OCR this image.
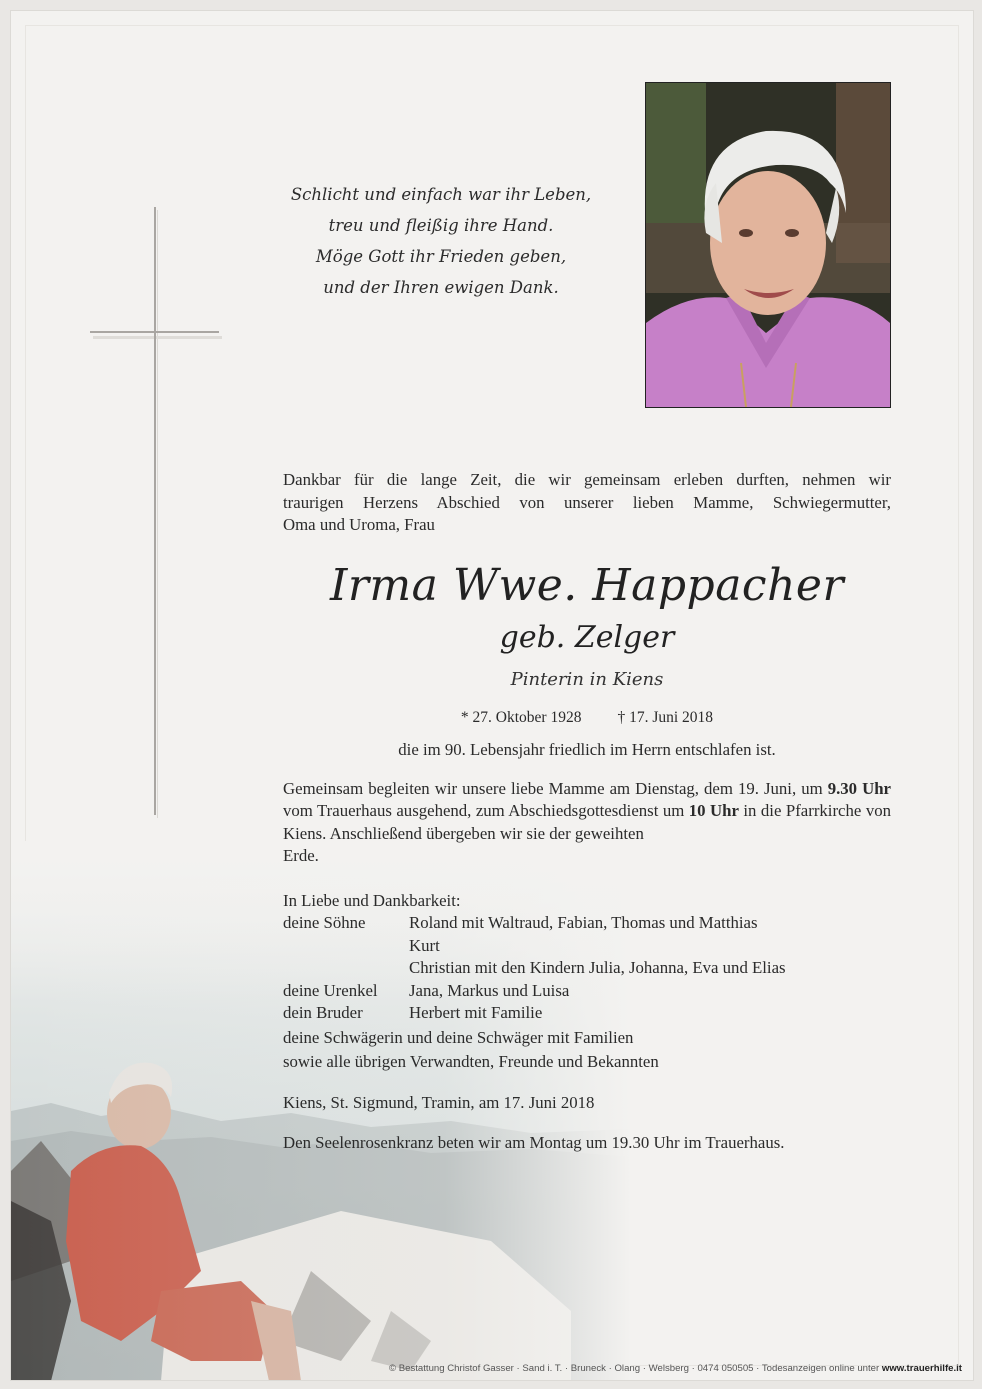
Schlicht und einfach war ihr Leben,
treu und fleißig ihre Hand.
Möge Gott ihr Frieden geben,
und der Ihren ewigen Dank.
Dankbar für die lange Zeit, die wir gemeinsam erleben durften, nehmen wir
traurigen Herzens Abschied von unserer lieben Mamme, Schwiegermutter,
Oma und Uroma, Frau
Irma Wwe. Happacher
geb. Zelger
Pinterin in Kiens
* 27. Oktober 1928 † 17. Juni 2018
die im 90. Lebensjahr friedlich im Herrn entschlafen ist.
Gemeinsam begleiten wir unsere liebe Mamme am Dienstag, dem 19. Juni, um 9.30 Uhr vom Trauerhaus ausgehend, zum Abschiedsgottesdienst um 10 Uhr in die Pfarrkirche von Kiens. Anschließend übergeben wir sie der geweihten
Erde.
In Liebe und Dankbarkeit:
deine Söhne	Roland mit Waltraud, Fabian, Thomas und Matthias
Kurt
Christian mit den Kindern Julia, Johanna, Eva und Elias
deine Urenkel	Jana, Markus und Luisa
dein Bruder	Herbert mit Familie
deine Schwägerin und deine Schwäger mit Familien
sowie alle übrigen Verwandten, Freunde und Bekannten
Kiens, St. Sigmund, Tramin, am 17. Juni 2018
Den Seelenrosenkranz beten wir am Montag um 19.30 Uhr im Trauerhaus.
© Bestattung Christof Gasser · Sand i. T. · Bruneck · Olang · Welsberg · 0474 050505 · Todesanzeigen online unter www.trauerhilfe.it
